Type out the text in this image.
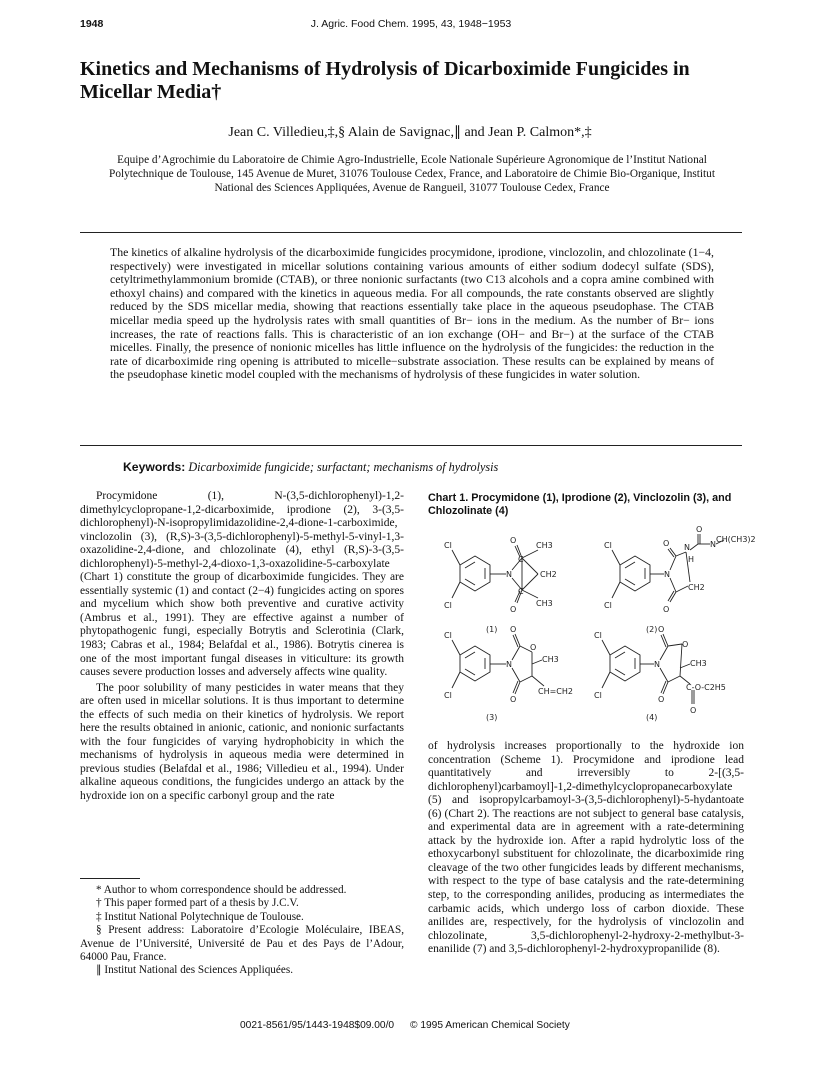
1948	J. Agric. Food Chem. 1995, 43, 1948−1953
Kinetics and Mechanisms of Hydrolysis of Dicarboximide Fungicides in Micellar Media†
Jean C. Villedieu,‡,§ Alain de Savignac,∥ and Jean P. Calmon*,‡
Equipe d’Agrochimie du Laboratoire de Chimie Agro-Industrielle, Ecole Nationale Supérieure Agronomique de l’Institut National Polytechnique de Toulouse, 145 Avenue de Muret, 31076 Toulouse Cedex, France, and Laboratoire de Chimie Bio-Organique, Institut National des Sciences Appliquées, Avenue de Rangueil, 31077 Toulouse Cedex, France
The kinetics of alkaline hydrolysis of the dicarboximide fungicides procymidone, iprodione, vinclozolin, and chlozolinate (1−4, respectively) were investigated in micellar solutions containing various amounts of either sodium dodecyl sulfate (SDS), cetyltrimethylammonium bromide (CTAB), or three nonionic surfactants (two C13 alcohols and a copra amine combined with ethoxyl chains) and compared with the kinetics in aqueous media. For all compounds, the rate constants observed are slightly reduced by the SDS micellar media, showing that reactions essentially take place in the aqueous pseudophase. The CTAB micellar media speed up the hydrolysis rates with small quantities of Br− ions in the medium. As the number of Br− ions increases, the rate of reactions falls. This is characteristic of an ion exchange (OH− and Br−) at the surface of the CTAB micelles. Finally, the presence of nonionic micelles has little influence on the hydrolysis of the fungicides: the reduction in the rate of dicarboximide ring opening is attributed to micelle−substrate association. These results can be explained by means of the pseudophase kinetic model coupled with the mechanisms of hydrolysis of these fungicides in water solution.
Keywords: Dicarboximide fungicide; surfactant; mechanisms of hydrolysis

Procymidone (1), N-(3,5-dichlorophenyl)-1,2-dimethylcyclopropane-1,2-dicarboximide, iprodione (2), 3-(3,5-dichlorophenyl)-N-isopropylimidazolidine-2,4-dione-1-carboximide, vinclozolin (3), (R,S)-3-(3,5-dichlorophenyl)-5-methyl-5-vinyl-1,3-oxazolidine-2,4-dione, and chlozolinate (4), ethyl (R,S)-3-(3,5-dichlorophenyl)-5-methyl-2,4-dioxo-1,3-oxazolidine-5-carboxylate (Chart 1) constitute the group of dicarboximide fungicides. They are essentially systemic (1) and contact (2−4) fungicides acting on spores and mycelium which show both preventive and curative activity (Ambrus et al., 1991). They are effective against a number of phytopathogenic fungi, especially Botrytis and Sclerotinia (Clark, 1983; Cabras et al., 1984; Belafdal et al., 1986). Botrytis cinerea is one of the most important fungal diseases in viticulture: its growth causes severe production losses and adversely affects wine quality.

The poor solubility of many pesticides in water means that they are often used in micellar solutions. It is thus important to determine the effects of such media on their kinetics of hydrolysis. We report here the results obtained in anionic, cationic, and nonionic surfactants with the four fungicides of varying hydrophobicity in which the mechanisms of hydrolysis in aqueous media were determined in previous studies (Belafdal et al., 1986; Villedieu et al., 1994). Under alkaline aqueous conditions, the fungicides undergo an attack by the hydroxide ion on a specific carbonyl group and the rate

* Author to whom correspondence should be addressed.

† This paper formed part of a thesis by J.C.V.

‡ Institut National Polytechnique de Toulouse.

§ Present address: Laboratoire d’Ecologie Moléculaire, IBEAS, Avenue de l’Université, Université de Pau et des Pays de l’Adour, 64000 Pau, France.

∥ Institut National des Sciences Appliquées.

Chart 1. Procymidone (1), Iprodione (2), Vinclozolin (3), and Chlozolinate (4)
Cl
Cl
N
O
O
C
C
CH3
CH2
CH3
(1)
Cl
Cl
N
O
O
N
H
CH2
O
N
CH(CH3)2
(2)
Cl
Cl
N
O
O
O
CH3
CH=CH2
(3)
Cl
Cl
N
O
O
O
CH3
C-O-C2H5
O
(4)
of hydrolysis increases proportionally to the hydroxide ion concentration (Scheme 1). Procymidone and iprodione lead quantitatively and irreversibly to 2-[(3,5-dichlorophenyl)carbamoyl]-1,2-dimethylcyclopropanecarboxylate (5) and isopropylcarbamoyl-3-(3,5-dichlorophenyl)-5-hydantoate (6) (Chart 2). The reactions are not subject to general base catalysis, and experimental data are in agreement with a rate-determining attack by the hydroxide ion. After a rapid hydrolytic loss of the ethoxycarbonyl substituent for chlozolinate, the dicarboximide ring cleavage of the two other fungicides leads by different mechanisms, with respect to the type of base catalysis and the rate-determining step, to the corresponding anilides, producing as intermediates the carbamic acids, which undergo loss of carbon dioxide. These anilides are, respectively, for the hydrolysis of vinclozolin and chlozolinate, 3,5-dichlorophenyl-2-hydroxy-2-methylbut-3-enanilide (7) and 3,5-dichlorophenyl-2-hydroxypropanilide (8).
0021-8561/95/1443-1948$09.00/0 © 1995 American Chemical Society
